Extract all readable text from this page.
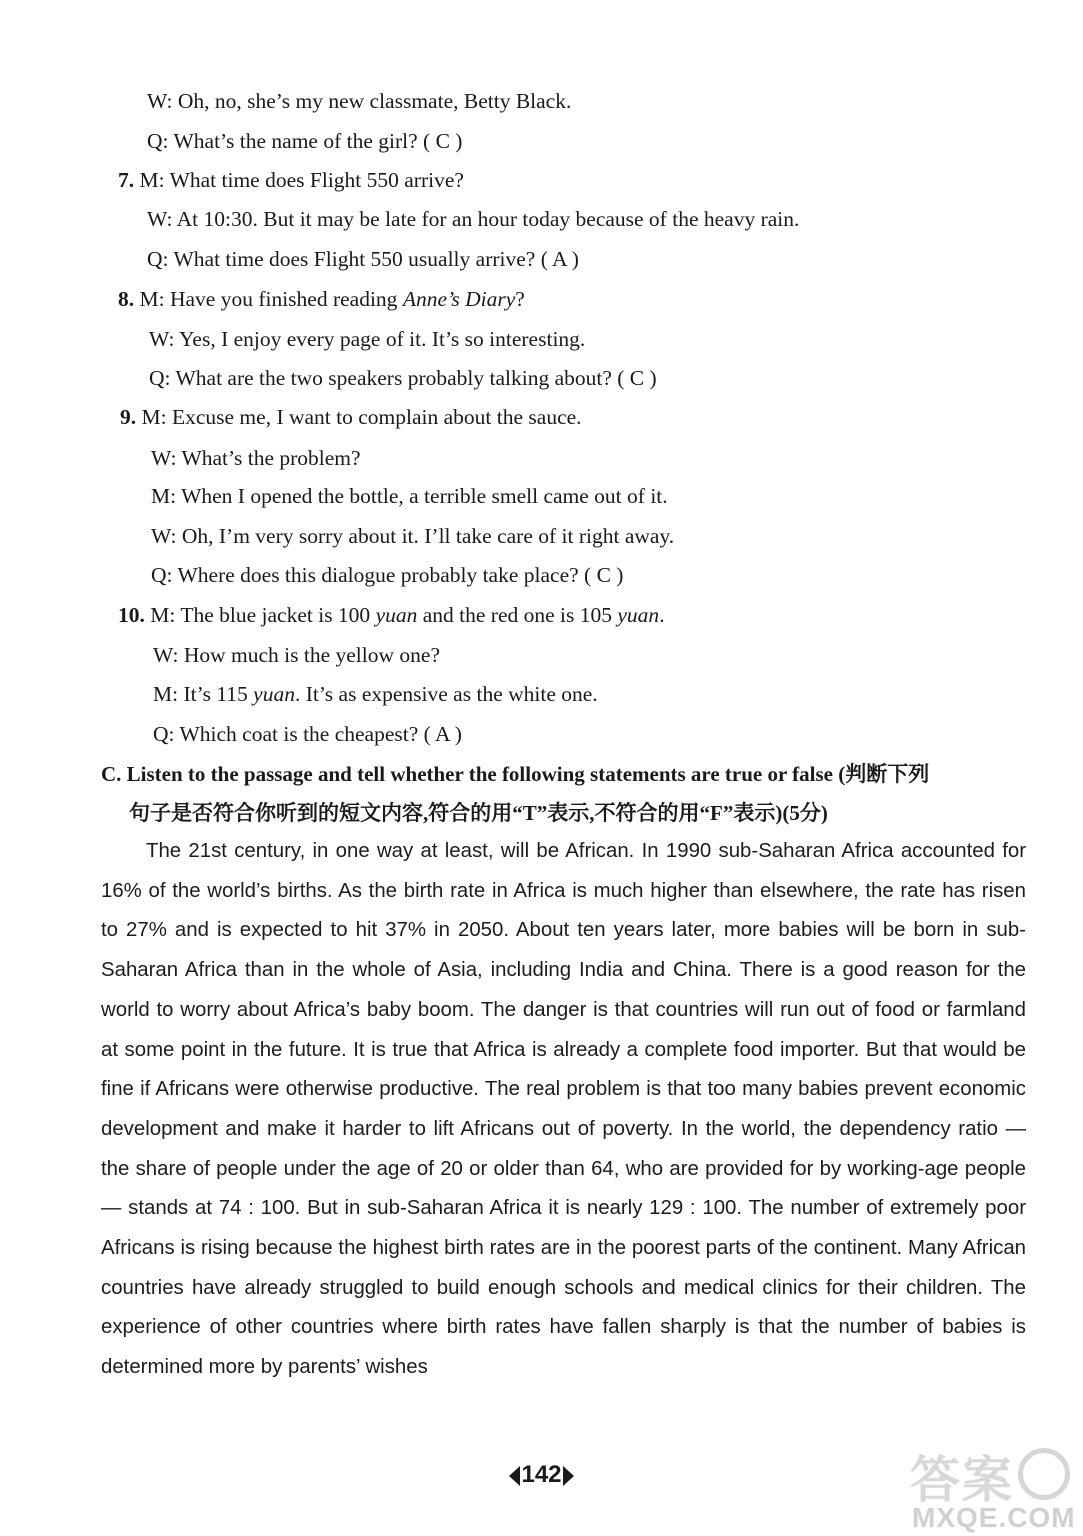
W: Oh, no, she’s my new classmate, Betty Black.
Q: What’s the name of the girl? ( C )
7. M: What time does Flight 550 arrive?
W: At 10:30. But it may be late for an hour today because of the heavy rain.
Q: What time does Flight 550 usually arrive? ( A )
8. M: Have you finished reading Anne’s Diary?
W: Yes, I enjoy every page of it. It’s so interesting.
Q: What are the two speakers probably talking about? ( C )
9. M: Excuse me, I want to complain about the sauce.
W: What’s the problem?
M: When I opened the bottle, a terrible smell came out of it.
W: Oh, I’m very sorry about it. I’ll take care of it right away.
Q: Where does this dialogue probably take place? ( C )
10. M: The blue jacket is 100 yuan and the red one is 105 yuan.
W: How much is the yellow one?
M: It’s 115 yuan. It’s as expensive as the white one.
Q: Which coat is the cheapest? ( A )
C. Listen to the passage and tell whether the following statements are true or false (判断下列
句子是否符合你听到的短文内容,符合的用“T”表示,不符合的用“F”表示)(5分)
The 21st century, in one way at least, will be African. In 1990 sub-Saharan Africa accounted for 16% of the world’s births. As the birth rate in Africa is much higher than elsewhere, the rate has risen to 27% and is expected to hit 37% in 2050. About ten years later, more babies will be born in sub-Saharan Africa than in the whole of Asia, including India and China. There is a good reason for the world to worry about Africa’s baby boom. The danger is that countries will run out of food or farmland at some point in the future. It is true that Africa is already a complete food importer. But that would be fine if Africans were otherwise productive. The real problem is that too many babies prevent economic development and make it harder to lift Africans out of poverty. In the world, the dependency ratio — the share of people under the age of 20 or older than 64, who are provided for by working-age people — stands at 74 : 100. But in sub-Saharan Africa it is nearly 129 : 100. The number of extremely poor Africans is rising because the highest birth rates are in the poorest parts of the continent. Many African countries have already struggled to build enough schools and medical clinics for their children. The experience of other countries where birth rates have fallen sharply is that the number of babies is determined more by parents’ wishes
142	答案
MXQE.COM
